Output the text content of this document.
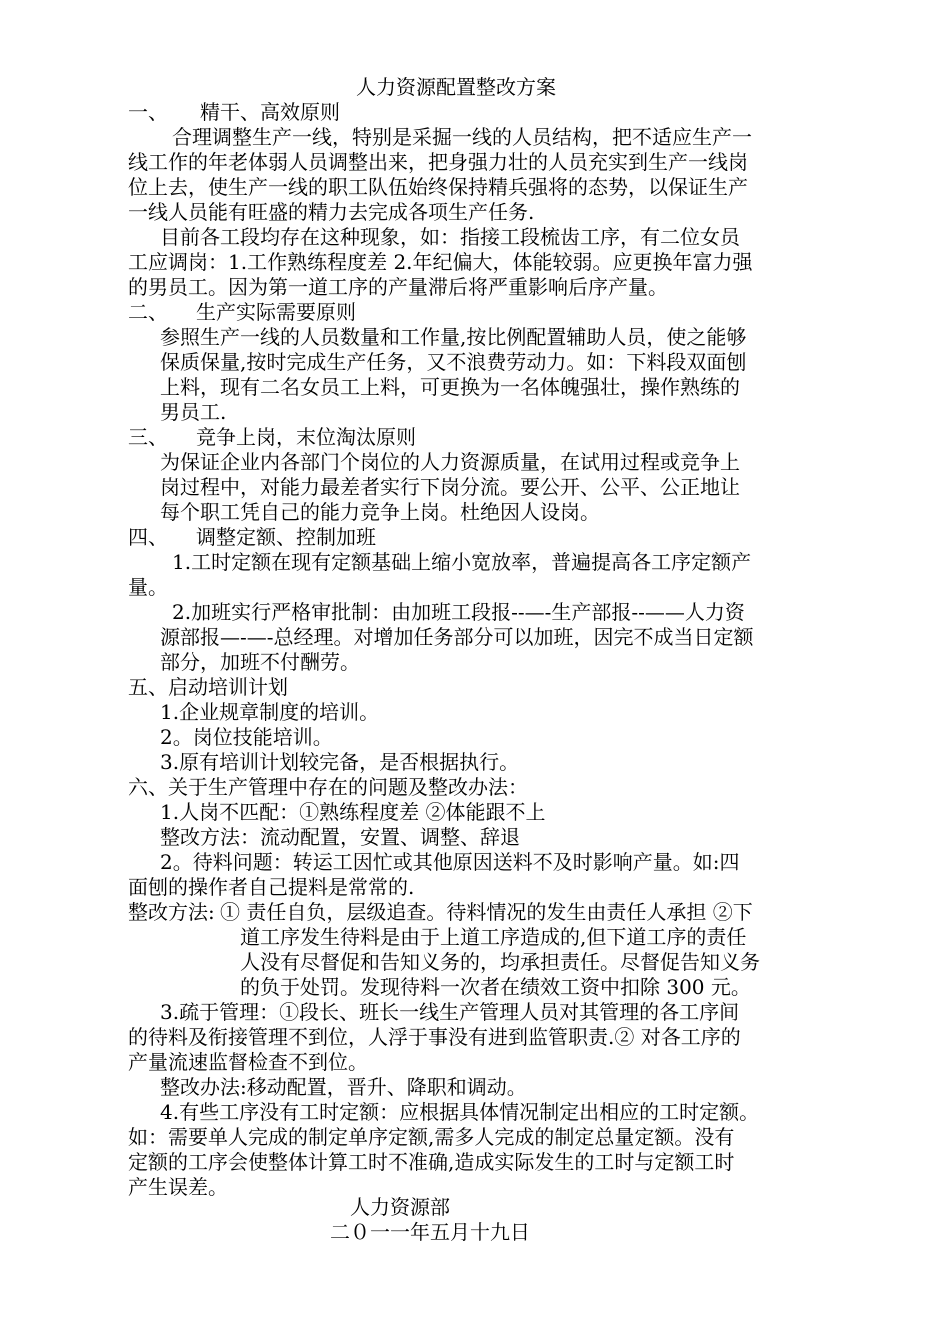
人力资源配置整改方案
一、 精干、高效原则
合理调整生产一线，特别是采掘一线的人员结构，把不适应生产一
线工作的年老体弱人员调整出来，把身强力壮的人员充实到生产一线岗
位上去，使生产一线的职工队伍始终保持精兵强将的态势，以保证生产
一线人员能有旺盛的精力去完成各项生产任务.
目前各工段均存在这种现象，如：指接工段梳齿工序，有二位女员
工应调岗：1.工作熟练程度差 2.年纪偏大，体能较弱。应更换年富力强
的男员工。因为第一道工序的产量滞后将严重影响后序产量。
二、 生产实际需要原则
参照生产一线的人员数量和工作量,按比例配置辅助人员，使之能够
保质保量,按时完成生产任务，又不浪费劳动力。如：下料段双面刨
上料，现有二名女员工上料，可更换为一名体魄强壮，操作熟练的
男员工.
三、 竞争上岗，末位淘汰原则
为保证企业内各部门个岗位的人力资源质量，在试用过程或竞争上
岗过程中，对能力最差者实行下岗分流。要公开、公平、公正地让
每个职工凭自己的能力竞争上岗。杜绝因人设岗。
四、 调整定额、控制加班
1.工时定额在现有定额基础上缩小宽放率，普遍提高各工序定额产
量。
2.加班实行严格审批制：由加班工段报--—-生产部报--——人力资
源部报—-—-总经理。对增加任务部分可以加班，因完不成当日定额
部分，加班不付酬劳。
五、启动培训计划
1.企业规章制度的培训。
2。岗位技能培训。
3.原有培训计划较完备，是否根据执行。
六、关于生产管理中存在的问题及整改办法：
1.人岗不匹配：①熟练程度差 ②体能跟不上
整改方法：流动配置，安置、调整、辞退
2。待料问题：转运工因忙或其他原因送料不及时影响产量。如:四
面刨的操作者自己提料是常常的.
整改方法: ① 责任自负，层级追查。待料情况的发生由责任人承担 ②下
道工序发生待料是由于上道工序造成的,但下道工序的责任
人没有尽督促和告知义务的，均承担责任。尽督促告知义务
的负于处罚。发现待料一次者在绩效工资中扣除 300 元。
3.疏于管理：①段长、班长一线生产管理人员对其管理的各工序间
的待料及衔接管理不到位，人浮于事没有进到监管职责.② 对各工序的
产量流速监督检查不到位。
整改办法:移动配置，晋升、降职和调动。
4.有些工序没有工时定额：应根据具体情况制定出相应的工时定额。
如：需要单人完成的制定单序定额,需多人完成的制定总量定额。没有
定额的工序会使整体计算工时不准确,造成实际发生的工时与定额工时
产生误差。
人力资源部
二０一一年五月十九日
